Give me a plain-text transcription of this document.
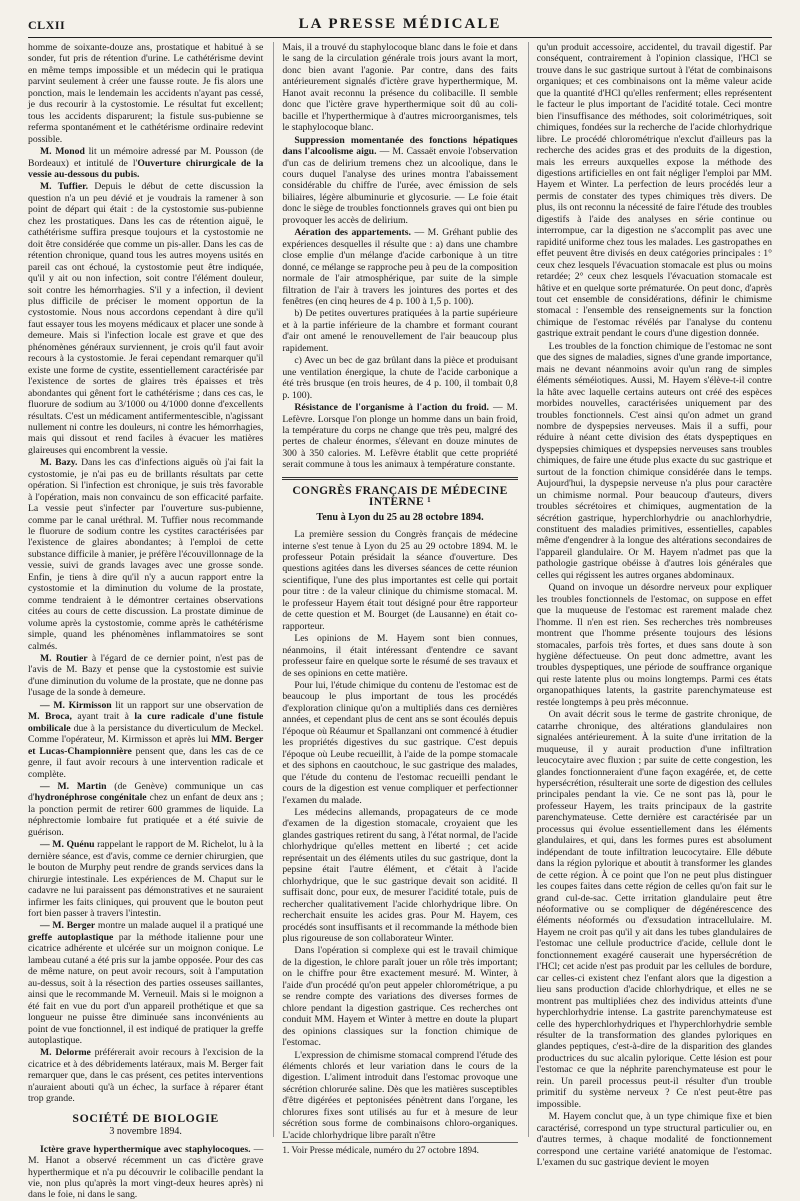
CLXII	LA PRESSE MÉDICALE

homme de soixante-douze ans, prostatique et habitué à se sonder, fut pris de rétention d'urine. Le cathétérisme devint en même temps impossible et un médecin qui le pratiqua parvint seulement à créer une fausse route. Je fis alors une ponction, mais le lendemain les accidents n'ayant pas cessé, je dus recourir à la cystostomie. Le résultat fut excellent; tous les accidents disparurent; la fistule sus-pubienne se referma spontanément et le cathétérisme ordinaire redevint possible.

M. Monod lit un mémoire adressé par M. Pousson (de Bordeaux) et intitulé de l'Ouverture chirurgicale de la vessie au-dessous du pubis.

M. Tuffier. Depuis le début de cette discussion la question n'a un peu dévié et je voudrais la ramener à son point de départ qui était : de la cystostomie sus-pubienne chez les prostatiques. Dans les cas de rétention aiguë, le cathétérisme suffira presque toujours et la cystostomie ne doit être considérée que comme un pis-aller. Dans les cas de rétention chronique, quand tous les autres moyens usités en pareil cas ont échoué, la cystostomie peut être indiquée, qu'il y ait ou non infection, soit contre l'élément douleur, soit contre les hémorrhagies. S'il y a infection, il devient plus difficile de préciser le moment opportun de la cystostomie. Nous nous accordons cependant à dire qu'il faut essayer tous les moyens médicaux et placer une sonde à demeure. Mais si l'infection locale est grave et que des phénomènes généraux surviennent, je crois qu'il faut avoir recours à la cystostomie. Je ferai cependant remarquer qu'il existe une forme de cystite, essentiellement caractérisée par l'existence de sortes de glaires très épaisses et très abondantes qui gênent fort le cathétérisme ; dans ces cas, le fluorure de sodium au 3/1000 ou 4/1000 donne d'excellents résultats. C'est un médicament antifermentescible, n'agissant nullement ni contre les douleurs, ni contre les hémorrhagies, mais qui dissout et rend faciles à évacuer les matières glaireuses qui encombrent la vessie.

M. Bazy. Dans les cas d'infections aiguës où j'ai fait la cystostomie, je n'ai pas eu de brillants résultats par cette opération. Si l'infection est chronique, je suis très favorable à l'opération, mais non convaincu de son efficacité parfaite. La vessie peut s'infecter par l'ouverture sus-pubienne, comme par le canal uréthral. M. Tuffier nous recommande le fluorure de sodium contre les cystites caractérisées par l'existence de glaires abondantes; à l'emploi de cette substance difficile à manier, je préfère l'écouvillonnage de la vessie, suivi de grands lavages avec une grosse sonde. Enfin, je tiens à dire qu'il n'y a aucun rapport entre la cystostomie et la diminution du volume de la prostate, comme tendraient à le démontrer certaines observations citées au cours de cette discussion. La prostate diminue de volume après la cystostomie, comme après le cathétérisme simple, quand les phénomènes inflammatoires se sont calmés.

M. Routier à l'égard de ce dernier point, n'est pas de l'avis de M. Bazy et pense que la cystostomie est suivie d'une diminution du volume de la prostate, que ne donne pas l'usage de la sonde à demeure.

— M. Kirmisson lit un rapport sur une observation de M. Broca, ayant trait à la cure radicale d'une fistule ombilicale due à la persistance du diverticulum de Meckel. Comme l'opérateur, M. Kirmisson et après lui MM. Berger et Lucas-Championnière pensent que, dans les cas de ce genre, il faut avoir recours à une intervention radicale et complète.

— M. Martin (de Genève) communique un cas d'hydronéphrose congénitale chez un enfant de deux ans ; la ponction permit de retirer 600 grammes de liquide. La néphrectomie lombaire fut pratiquée et a été suivie de guérison.

— M. Quénu rappelant le rapport de M. Richelot, lu à la dernière séance, est d'avis, comme ce dernier chirurgien, que le bouton de Murphy peut rendre de grands services dans la chirurgie intestinale. Les expériences de M. Chaput sur le cadavre ne lui paraissent pas démonstratives et ne sauraient infirmer les faits cliniques, qui prouvent que le bouton peut fort bien passer à travers l'intestin.

— M. Berger montre un malade auquel il a pratiqué une greffe autoplastique par la méthode italienne pour une cicatrice adhérente et ulcérée sur un moignon conique. Le lambeau cutané a été pris sur la jambe opposée. Pour des cas de même nature, on peut avoir recours, soit à l'amputation au-dessus, soit à la résection des parties osseuses saillantes, ainsi que le recommande M. Verneuil. Mais si le moignon a été fait en vue du port d'un appareil prothétique et que sa longueur ne puisse être diminuée sans inconvénients au point de vue fonctionnel, il est indiqué de pratiquer la greffe autoplastique.

M. Delorme préférerait avoir recours à l'excision de la cicatrice et à des débridements latéraux, mais M. Berger fait remarquer que, dans le cas présent, ces petites interventions n'auraient abouti qu'à un échec, la surface à réparer étant trop grande.

SOCIÉTÉ DE BIOLOGIE
3 novembre 1894.

Ictère grave hyperthermique avec staphylocoques. — M. Hanot a observé récemment un cas d'ictère grave hyperthermique et n'a pu découvrir le colibacille pendant la vie, non plus qu'après la mort vingt-deux heures après) ni dans le foie, ni dans le sang.

Mais, il a trouvé du staphylocoque blanc dans le foie et dans le sang de la circulation générale trois jours avant la mort, donc bien avant l'agonie. Par contre, dans des faits antérieurement signalés d'ictère grave hyperthermique, M. Hanot avait reconnu la présence du colibacille. Il semble donc que l'ictère grave hyperthermique soit dû au coli-bacille et l'hyperthermique à d'autres microorganismes, tels le staphylocoque blanc.

Suppression momentanée des fonctions hépatiques dans l'alcoolisme aigu. — M. Cassaët envoie l'observation d'un cas de delirium tremens chez un alcoolique, dans le cours duquel l'analyse des urines montra l'abaissement considérable du chiffre de l'urée, avec émission de sels biliaires, légère albuminurie et glycosurie. — Le foie était donc le siège de troubles fonctionnels graves qui ont bien pu provoquer les accès de delirium.

Aération des appartements. — M. Gréhant publie des expériences desquelles il résulte que : a) dans une chambre close emplie d'un mélange d'acide carbonique à un titre donné, ce mélange se rapproche peu à peu de la composition normale de l'air atmosphérique, par suite de la simple filtration de l'air à travers les jointures des portes et des fenêtres (en cinq heures de 4 p. 100 à 1,5 p. 100).

b) De petites ouvertures pratiquées à la partie supérieure et à la partie inférieure de la chambre et formant courant d'air ont amené le renouvellement de l'air beaucoup plus rapidement.

c) Avec un bec de gaz brûlant dans la pièce et produisant une ventilation énergique, la chute de l'acide carbonique a été très brusque (en trois heures, de 4 p. 100, il tombait 0,8 p. 100).

Résistance de l'organisme à l'action du froid. — M. Lefèvre. Lorsque l'on plonge un homme dans un bain froid, la température du corps ne change que très peu, malgré des pertes de chaleur énormes, s'élevant en douze minutes de 300 à 350 calories. M. Lefèvre établit que cette propriété serait commune à tous les animaux à température constante.

CONGRÈS FRANÇAIS DE MÉDECINE INTERNE ¹
Tenu à Lyon du 25 au 28 octobre 1894.

La première session du Congrès français de médecine interne s'est tenue à Lyon du 25 au 29 octobre 1894. M. le professeur Potain présidait la séance d'ouverture. Des questions agitées dans les diverses séances de cette réunion scientifique, l'une des plus importantes est celle qui portait pour titre : de la valeur clinique du chimisme stomacal. M. le professeur Hayem était tout désigné pour être rapporteur de cette question et M. Bourget (de Lausanne) en était co-rapporteur.

Les opinions de M. Hayem sont bien connues, néanmoins, il était intéressant d'entendre ce savant professeur faire en quelque sorte le résumé de ses travaux et de ses opinions en cette matière.

Pour lui, l'étude chimique du contenu de l'estomac est de beaucoup le plus important de tous les procédés d'exploration clinique qu'on a multipliés dans ces dernières années, et cependant plus de cent ans se sont écoulés depuis l'époque où Réaumur et Spallanzani ont commencé à étudier les propriétés digestives du suc gastrique. C'est depuis l'époque où Leube recueillit, à l'aide de la pompe stomacale et des siphons en caoutchouc, le suc gastrique des malades, que l'étude du contenu de l'estomac recueilli pendant le cours de la digestion est venue compliquer et perfectionner l'examen du malade.

Les médecins allemands, propagateurs de ce mode d'examen de la digestion stomacale, croyaient que les glandes gastriques retirent du sang, à l'état normal, de l'acide chlorhydrique qu'elles mettent en liberté ; cet acide représentait un des éléments utiles du suc gastrique, dont la pepsine était l'autre élément, et c'était à l'acide chlorhydrique, que le suc gastrique devait son acidité. Il suffisait donc, pour eux, de mesurer l'acidité totale, puis de rechercher qualitativement l'acide chlorhydrique libre. On recherchait ensuite les acides gras. Pour M. Hayem, ces procédés sont insuffisants et il recommande la méthode bien plus rigoureuse de son collaborateur Winter.

Dans l'opération si complexe qui est le travail chimique de la digestion, le chlore paraît jouer un rôle très important; on le chiffre pour être exactement mesuré. M. Winter, à l'aide d'un procédé qu'on peut appeler chlorométrique, a pu se rendre compte des variations des diverses formes de chlore pendant la digestion gastrique. Ces recherches ont conduit MM. Hayem et Winter à mettre en doute la plupart des opinions classiques sur la fonction chimique de l'estomac.

L'expression de chimisme stomacal comprend l'étude des éléments chlorés et leur variation dans le cours de la digestion. L'aliment introduit dans l'estomac provoque une sécrétion chlorurée saline. Dès que les matières susceptibles d'être digérées et peptonisées pénètrent dans l'organe, les chlorures fixes sont utilisés au fur et à mesure de leur sécrétion sous forme de combinaisons chloro-organiques. L'acide chlorhydrique libre paraît n'être

1. Voir Presse médicale, numéro du 27 octobre 1894.

qu'un produit accessoire, accidentel, du travail digestif. Par conséquent, contrairement à l'opinion classique, l'HCl se trouve dans le suc gastrique surtout à l'état de combinaisons organiques; et ces combinaisons ont la même valeur acide que la quantité d'HCl qu'elles renferment; elles représentent le facteur le plus important de l'acidité totale. Ceci montre bien l'insuffisance des méthodes, soit colorimétriques, soit chimiques, fondées sur la recherche de l'acide chlorhydrique libre. Le procédé chlorométrique n'exclut d'ailleurs pas la recherche des acides gras et des produits de la digestion, mais les erreurs auxquelles expose la méthode des digestions artificielles en ont fait négliger l'emploi par MM. Hayem et Winter. La perfection de leurs procédés leur a permis de constater des types chimiques très divers. De plus, ils ont reconnu la nécessité de faire l'étude des troubles digestifs à l'aide des analyses en série continue ou interrompue, car la digestion ne s'accomplit pas avec une rapidité uniforme chez tous les malades. Les gastropathes en effet peuvent être divisés en deux catégories principales : 1° ceux chez lesquels l'évacuation stomacale est plus ou moins retardée; 2° ceux chez lesquels l'évacuation stomacale est hâtive et en quelque sorte prématurée. On peut donc, d'après tout cet ensemble de considérations, définir le chimisme stomacal : l'ensemble des renseignements sur la fonction chimique de l'estomac révélés par l'analyse du contenu gastrique extrait pendant le cours d'une digestion donnée.

Les troubles de la fonction chimique de l'estomac ne sont que des signes de maladies, signes d'une grande importance, mais ne devant néanmoins avoir qu'un rang de simples éléments séméiotiques. Aussi, M. Hayem s'élève-t-il contre la hâte avec laquelle certains auteurs ont créé des espèces morbides nouvelles, caractérisées uniquement par des troubles fonctionnels. C'est ainsi qu'on admet un grand nombre de dyspepsies nerveuses. Mais il a suffi, pour réduire à néant cette division des états dyspeptiques en dyspepsies chimiques et dyspepsies nerveuses sans troubles chimiques, de faire une étude plus exacte du suc gastrique et surtout de la fonction chimique considérée dans le temps. Aujourd'hui, la dyspepsie nerveuse n'a plus pour caractère un chimisme normal. Pour beaucoup d'auteurs, divers troubles sécrétoires et chimiques, augmentation de la sécrétion gastrique, hyperchlorhydrie ou anachlorhydrie, constituent des maladies primitives, essentielles, capables même d'engendrer à la longue des altérations secondaires de l'appareil glandulaire. Or M. Hayem n'admet pas que la pathologie gastrique obéisse à d'autres lois générales que celles qui régissent les autres organes abdominaux.

Quand on invoque un désordre nerveux pour expliquer les troubles fonctionnels de l'estomac, on suppose en effet que la muqueuse de l'estomac est rarement malade chez l'homme. Il n'en est rien. Ses recherches très nombreuses montrent que l'homme présente toujours des lésions stomacales, parfois très fortes, et dues sans doute à son hygiène défectueuse. On peut donc admettre, avant les troubles dyspeptiques, une période de souffrance organique qui reste latente plus ou moins longtemps. Parmi ces états organopathiques latents, la gastrite parenchymateuse est restée longtemps à peu près méconnue.

On avait décrit sous le terme de gastrite chronique, de catarrhe chronique, des altérations glandulaires non signalées antérieurement. À la suite d'une irritation de la muqueuse, il y aurait production d'une infiltration leucocytaire avec fluxion ; par suite de cette congestion, les glandes fonctionneraient d'une façon exagérée, et, de cette hypersécrétion, résulterait une sorte de digestion des cellules principales pendant la vie. Ce ne sont pas là, pour le professeur Hayem, les traits principaux de la gastrite parenchymateuse. Cette dernière est caractérisée par un processus qui évolue essentiellement dans les éléments glandulaires, et qui, dans les formes pures est absolument indépendant de toute infiltration leucocytaire. Elle débute dans la région pylorique et aboutit à transformer les glandes de cette région. À ce point que l'on ne peut plus distinguer les coupes faites dans cette région de celles qu'on fait sur le grand cul-de-sac. Cette irritation glandulaire peut être néoformative ou se compliquer de dégénérescence des éléments néoformés ou d'exsudation intracellulaire. M. Hayem ne croit pas qu'il y ait dans les tubes glandulaires de l'estomac une cellule productrice d'acide, cellule dont le fonctionnement exagéré causerait une hypersécrétion de l'HCl; cet acide n'est pas produit par les cellules de bordure, car celles-ci existent chez l'enfant alors que la digestion a lieu sans production d'acide chlorhydrique, et elles ne se montrent pas multipliées chez des individus atteints d'une hyperchlorhydrie intense. La gastrite parenchymateuse est celle des hyperchlorhydriques et l'hyperchlorhydrie semble résulter de la transformation des glandes pyloriques en glandes peptiques, c'est-à-dire de la disparition des glandes productrices du suc alcalin pylorique. Cette lésion est pour l'estomac ce que la néphrite parenchymateuse est pour le rein. Un pareil processus peut-il résulter d'un trouble primitif du système nerveux ? Ce n'est peut-être pas impossible.

M. Hayem conclut que, à un type chimique fixe et bien caractérisé, correspond un type structural particulier ou, en d'autres termes, à chaque modalité de fonctionnement correspond une certaine variété anatomique de l'estomac. L'examen du suc gastrique devient le moyen
